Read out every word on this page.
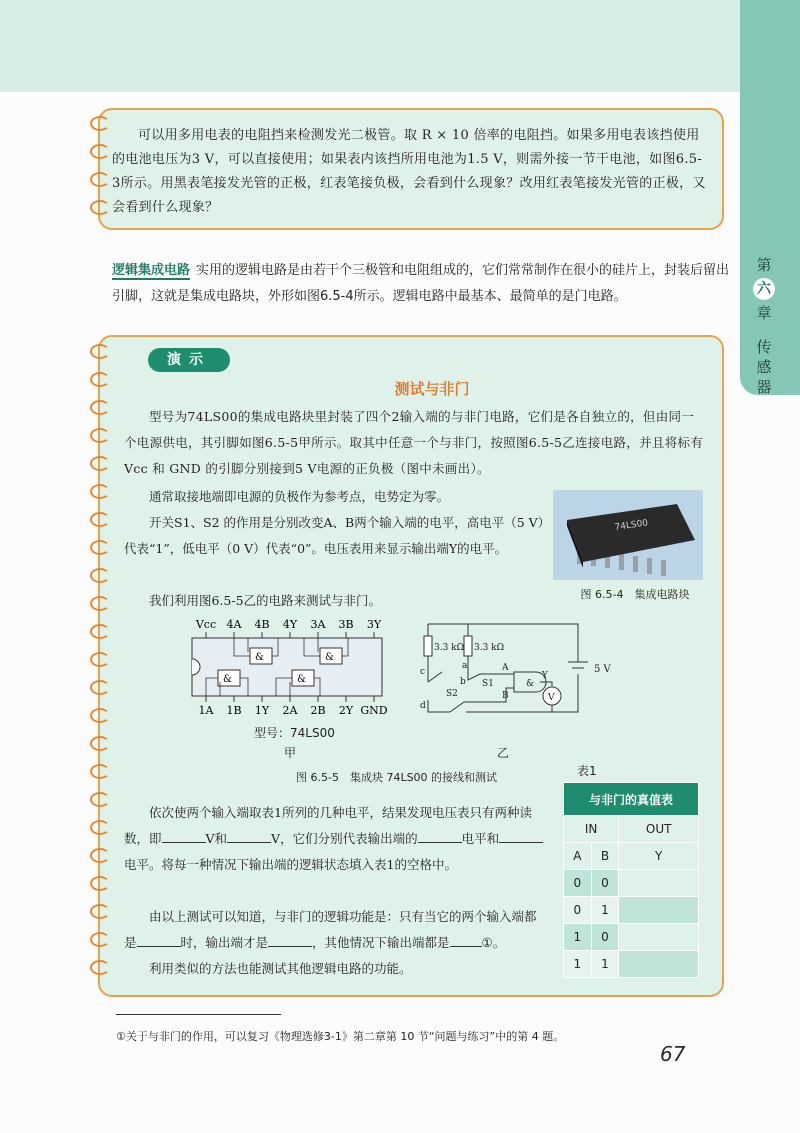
第
六
章
传
感
器
可以用多用电表的电阻挡来检测发光二极管。取 R × 10 倍率的电阻挡。如果多用电表该挡使用的电池电压为3 V，可以直接使用；如果表内该挡所用电池为1.5 V，则需外接一节干电池，如图6.5-3所示。用黑表笔接发光管的正极，红表笔接负极，会看到什么现象？改用红表笔接发光管的正极，又会看到什么现象？
逻辑集成电路 实用的逻辑电路是由若干个三极管和电阻组成的，它们常常制作在很小的硅片上，封装后留出引脚，这就是集成电路块，外形如图6.5-4所示。逻辑电路中最基本、最简单的是门电路。
演示
测试与非门
型号为74LS00的集成电路块里封装了四个2输入端的与非门电路，它们是各自独立的，但由同一个电源供电，其引脚如图6.5-5甲所示。取其中任意一个与非门，按照图6.5-5乙连接电路，并且将标有 Vcc 和 GND 的引脚分别接到5 V电源的正负极（图中未画出）。
通常取接地端即电源的负极作为参考点，电势定为零。
开关S1、S2 的作用是分别改变A、B两个输入端的电平，高电平（5 V）代表“1”，低电平（0 V）代表“0”。电压表用来显示输出端Y的电平。
我们利用图6.5-5乙的电路来测试与非门。
74LS00
图 6.5-4　集成电路块
Vcc 4A 4B 4Y 3A 3B 3Y
1A 1B 1Y 2A 2B 2Y GND
&	&
&	&
3.3 kΩ 3.3 kΩ
5 V
c
a
b
d
A
B
&
Y
S1
S2	V
型号：74LS00
甲	乙
图 6.5-5　集成块 74LS00 的接线和测试
依次使两个输入端取表1所列的几种电平，结果发现电压表只有两种读数，即	V和	V，它们分别代表输出端的	电平和电平。将每一种情况下输出端的逻辑状态填入表1的空格中。
由以上测试可以知道，与非门的逻辑功能是：只有当它的两个输入端都是	时，输出端才是	，其他情况下输出端都是	①。
利用类似的方法也能测试其他逻辑电路的功能。
表1
与非门的真值表		
IN		OUT
A	B	Y
0	0	
0	1	
1	0	
1	1	
①关于与非门的作用，可以复习《物理选修3-1》第二章第 10 节“问题与练习”中的第 4 题。
67
